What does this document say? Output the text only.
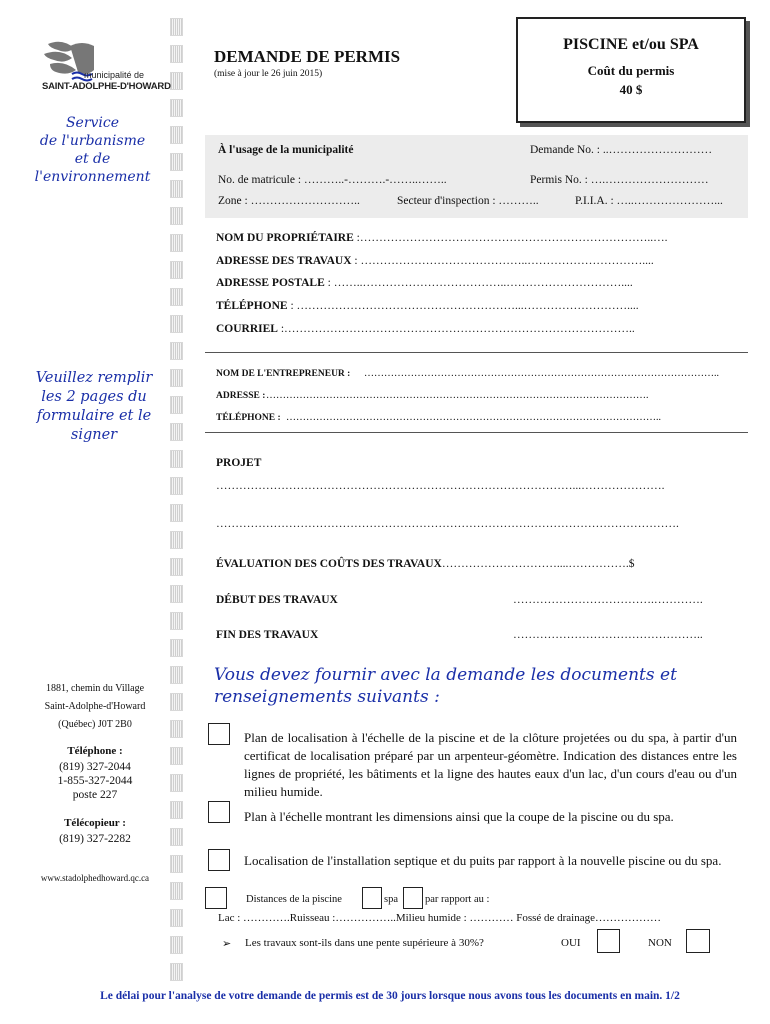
municipalité de
SAINT-ADOLPHE-D'HOWARD
Service
de l'urbanisme
et de
l'environnement
Veuillez remplir
les 2 pages du
formulaire et le
signer
1881, chemin du Village
Saint-Adolphe-d'Howard
(Québec) J0T 2B0
Téléphone :
(819) 327-2044
1-855-327-2044
poste 227
Télécopieur :
(819) 327-2282
www.stadolphedhoward.qc.ca
DEMANDE DE PERMIS
(mise à jour le 26 juin 2015)
PISCINE et/ou SPA
Coût du permis
40 $
À l'usage de la municipalité	Demande No. : ..………………………
No. de matricule : ………..-……….-……..……..	Permis No. : ….………………………
Zone : ………………………..	Secteur d'inspection : ………..	P.I.I.A. : …..…………………...
NOM DU PROPRIÉTAIRE :…………………………………………………………………..….
ADRESSE DES TRAVAUX : ……………………………………..…………………………....
ADRESSE POSTALE : ……..………………………………..…………………………....
TÉLÉPHONE : …………………………………………………...………………………....
COURRIEL :………………………………………………………………………………..
NOM DE L'ENTREPRENEUR : ……………………………………………………………………………………………..
ADRESSE : …………………………………………………………………………………………………….
TÉLÉPHONE : …………………………………………………………………………………………………..
PROJET
…………………………………………………………………………………...………………….
………………………………………………………………………………………………………….
ÉVALUATION DES COÛTS DES TRAVAUX…………………………....…………….$
DÉBUT DES TRAVAUX	……………………………….………….
FIN DES TRAVAUX	…………………………………………..
Vous devez fournir avec la demande les documents et renseignements suivants :
Plan de localisation à l'échelle de la piscine et de la clôture projetées ou du spa, à partir d'un certificat de localisation préparé par un arpenteur-géomètre. Indication des distances entre les lignes de propriété, les bâtiments et la ligne des hautes eaux d'un lac, d'un cours d'eau ou d'un milieu humide.
Plan à l'échelle montrant les dimensions ainsi que la coupe de la piscine ou du spa.
Localisation de l'installation septique et du puits par rapport à la nouvelle piscine ou du spa.
Distances de la piscine	spa	par rapport au :
Lac : ………….Ruisseau :……………..Milieu humide : ………… Fossé de drainage………………
➢ Les travaux sont-ils dans une pente supérieure à 30%?	OUI	NON
Le délai pour l'analyse de votre demande de permis est de 30 jours lorsque nous avons tous les documents en main. 1/2
